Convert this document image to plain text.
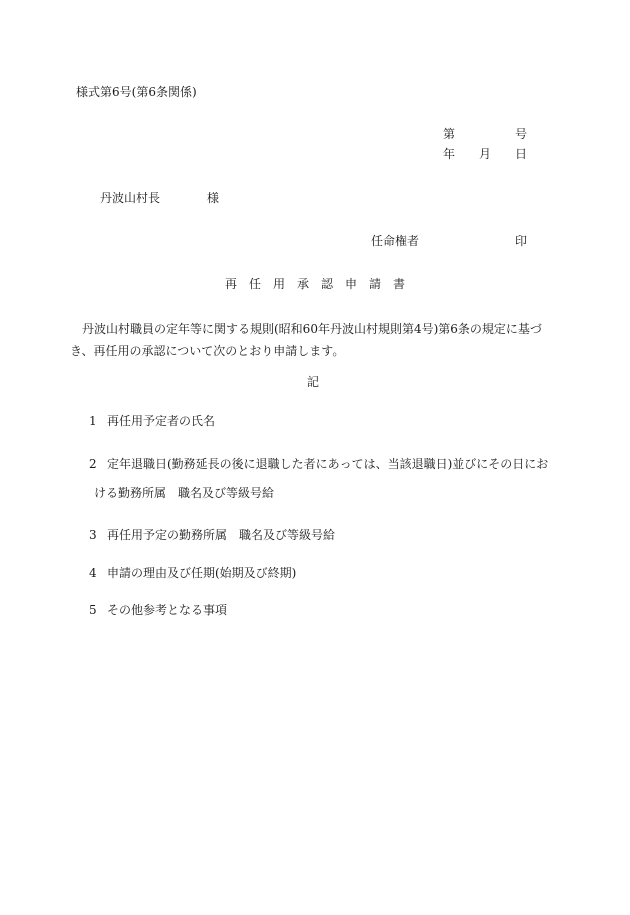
様式第6号(第6条関係)
第	号
年 月 日
丹波山村長	様
任命権者	印
再 任 用 承 認 申 請 書
丹波山村職員の定年等に関する規則(昭和60年丹波山村規則第4号)第6条の規定に基づき、再任用の承認について次のとおり申請します。
記
1 再任用予定者の氏名
2 定年退職日(勤務延長の後に退職した者にあっては、当該退職日)並びにその日にお
ける勤務所属　職名及び等級号給
3 再任用予定の勤務所属　職名及び等級号給
4 申請の理由及び任期(始期及び終期)
5 その他参考となる事項
